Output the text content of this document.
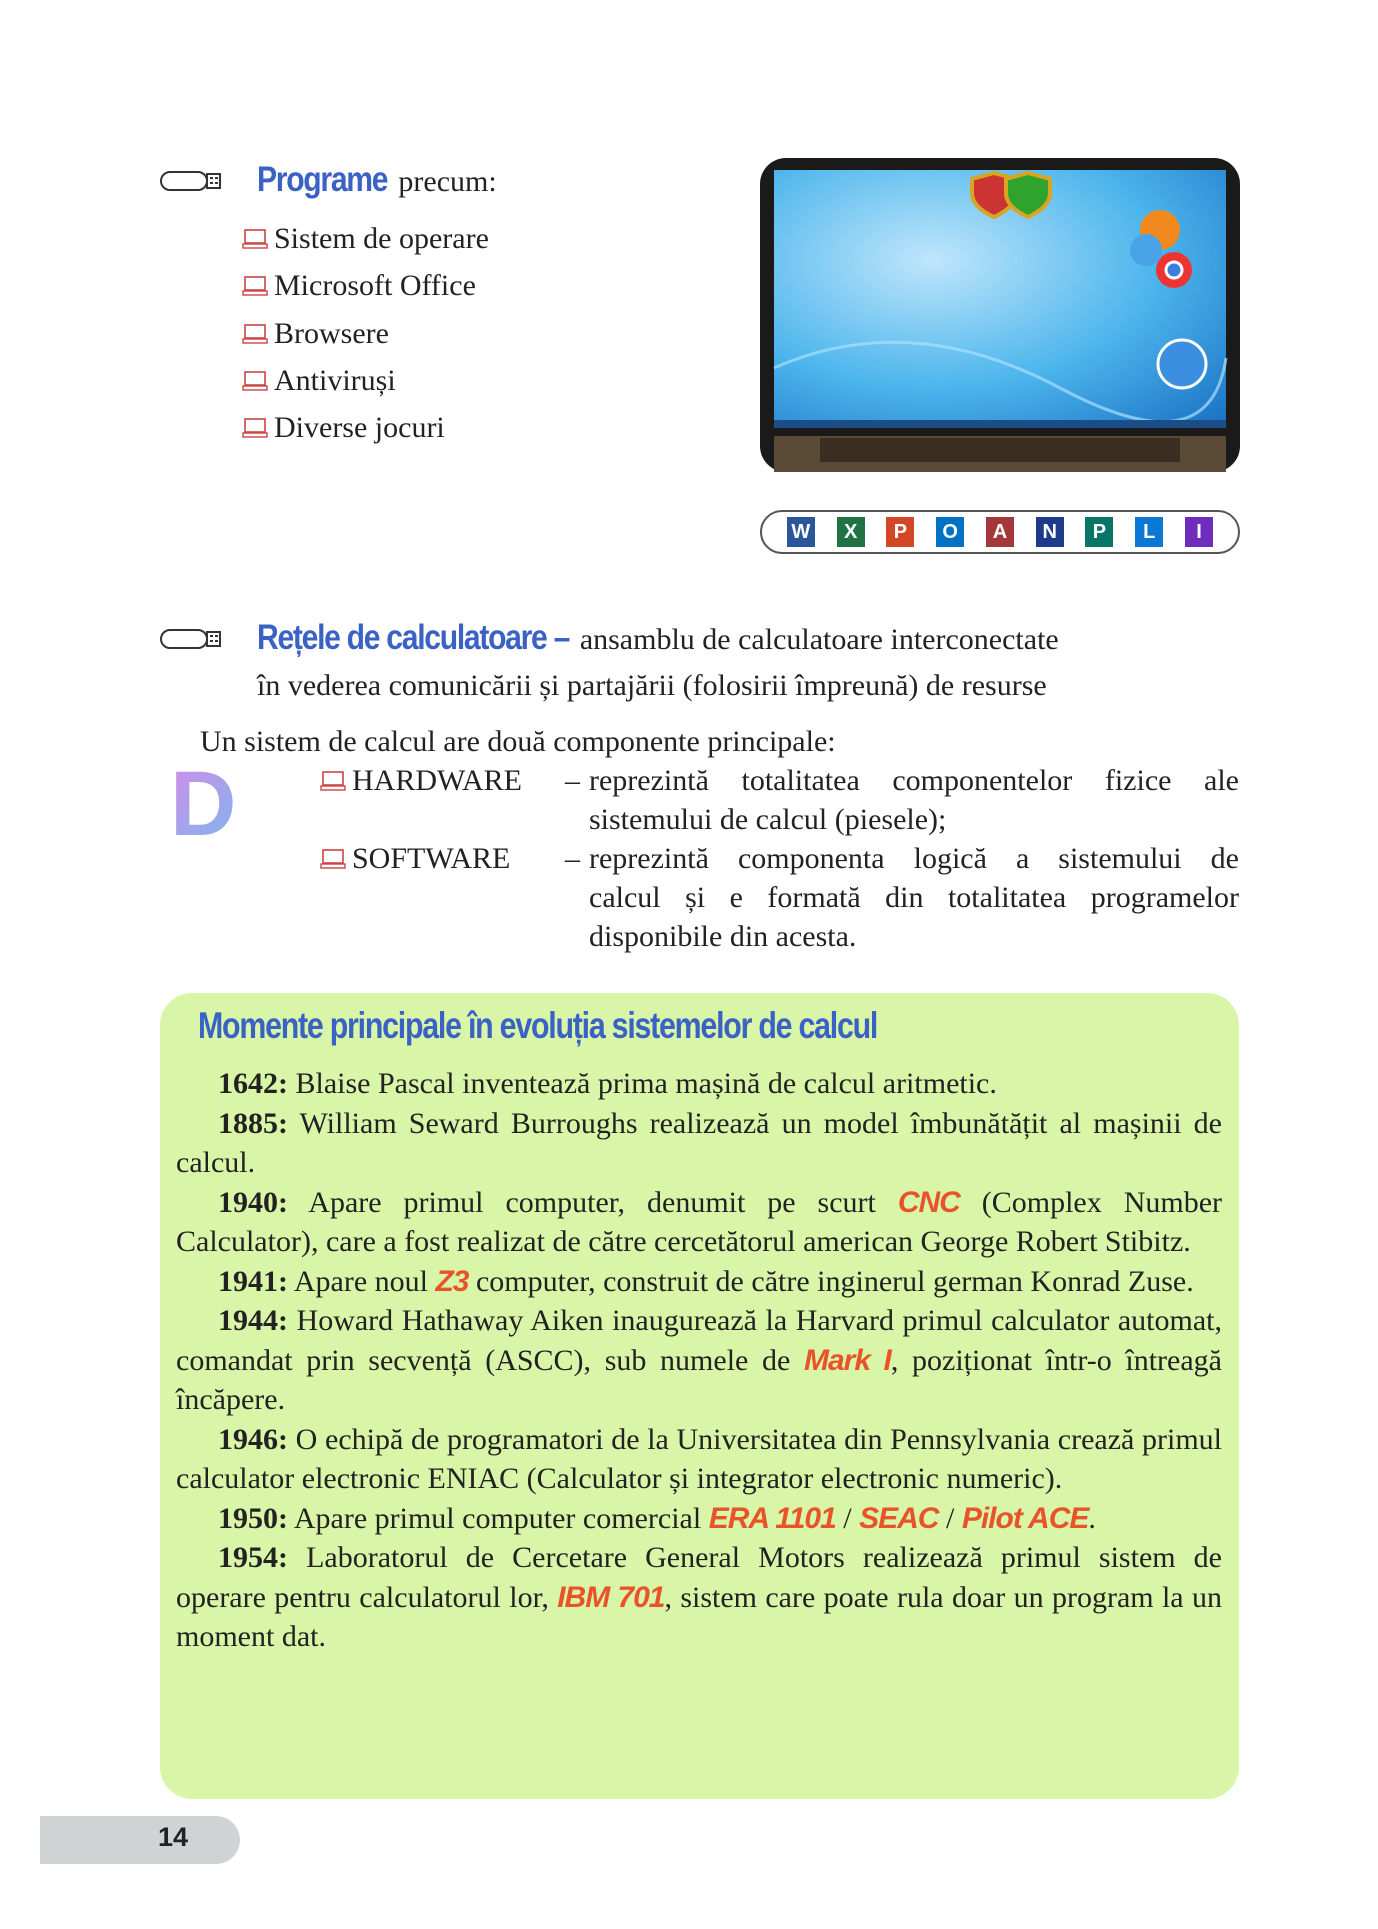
Programe precum:
Sistem de operare
Microsoft Office
Browsere
Antiviruși
Diverse jocuri
W	X	P	O	A	N	P	L	I
Rețele de calculatoare – ansamblu de calculatoare interconectate
în vederea comunicării și partajării (folosirii împreună) de resurse
Un sistem de calcul are două componente principale:
D	HARDWARE – reprezintă totalitatea componentelor fizice ale
sistemului de calcul (piesele);
SOFTWARE – reprezintă componenta logică a sistemului de
calcul și e formată din totalitatea programelor
disponibile din acesta.
Momente principale în evoluția sistemelor de calcul

1642: Blaise Pascal inventează prima mașină de calcul aritmetic.

1885: William Seward Burroughs realizează un model îmbunătățit al mașinii de calcul.

1940: Apare primul computer, denumit pe scurt CNC (Complex Number Calculator), care a fost realizat de către cercetătorul american George Robert Stibitz.

1941: Apare noul Z3 computer, construit de către inginerul german Konrad Zuse.

1944: Howard Hathaway Aiken inaugurează la Harvard primul calculator automat, comandat prin secvență (ASCC), sub numele de Mark I, poziționat într-o întreagă încăpere.

1946: O echipă de programatori de la Universitatea din Pennsylvania crează primul calculator electronic ENIAC (Calculator și integrator electronic numeric).

1950: Apare primul computer comercial ERA 1101 / SEAC / Pilot ACE.

1954: Laboratorul de Cercetare General Motors realizează primul sistem de operare pentru calculatorul lor, IBM 701, sistem care poate rula doar un program la un moment dat.

14
